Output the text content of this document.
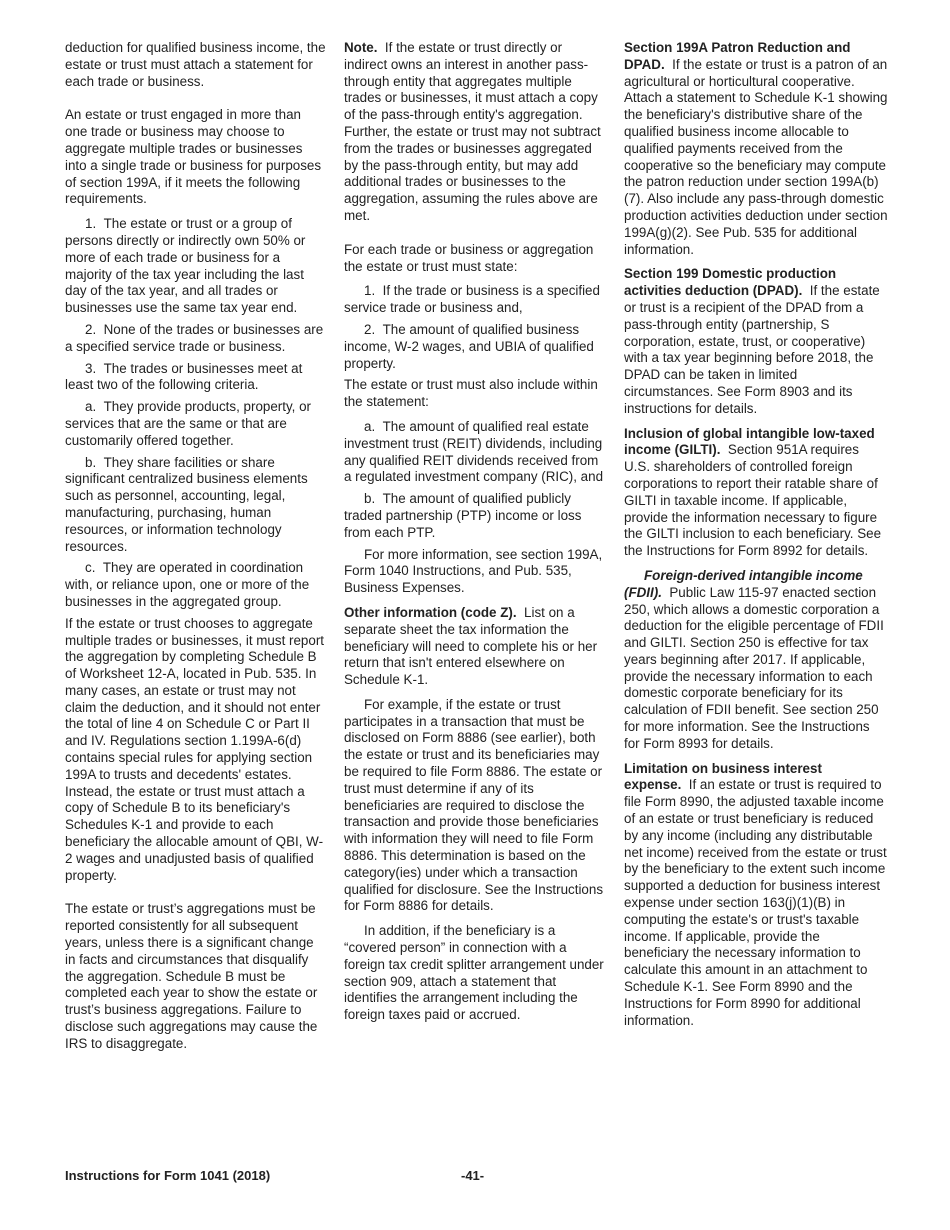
deduction for qualified business income, the estate or trust must attach a statement for each trade or business.

An estate or trust engaged in more than one trade or business may choose to aggregate multiple trades or businesses into a single trade or business for purposes of section 199A, if it meets the following requirements.

1.  The estate or trust or a group of persons directly or indirectly own 50% or more of each trade or business for a majority of the tax year including the last day of the tax year, and all trades or businesses use the same tax year end.

2.  None of the trades or businesses are a specified service trade or business.

3.  The trades or businesses meet at least two of the following criteria.

a.  They provide products, property, or services that are the same or that are customarily offered together.

b.  They share facilities or share significant centralized business elements such as personnel, accounting, legal, manufacturing, purchasing, human resources, or information technology resources.

c.  They are operated in coordination with, or reliance upon, one or more of the businesses in the aggregated group.

If the estate or trust chooses to aggregate multiple trades or businesses, it must report the aggregation by completing Schedule B of Worksheet 12-A, located in Pub. 535. In many cases, an estate or trust may not claim the deduction, and it should not enter the total of line 4 on Schedule C or Part II and IV. Regulations section 1.199A-6(d) contains special rules for applying section 199A to trusts and decedents' estates. Instead, the estate or trust must attach a copy of Schedule B to its beneficiary's Schedules K-1 and provide to each beneficiary the allocable amount of QBI, W-2 wages and unadjusted basis of qualified property.

The estate or trust’s aggregations must be reported consistently for all subsequent years, unless there is a significant change in facts and circumstances that disqualify the aggregation. Schedule B must be completed each year to show the estate or trust’s business aggregations. Failure to disclose such aggregations may cause the IRS to disaggregate.

Note.  If the estate or trust directly or indirect owns an interest in another pass-through entity that aggregates multiple trades or businesses, it must attach a copy of the pass-through entity's aggregation. Further, the estate or trust may not subtract from the trades or businesses aggregated by the pass-through entity, but may add additional trades or businesses to the aggregation, assuming the rules above are met.

For each trade or business or aggregation the estate or trust must state:

1.  If the trade or business is a specified service trade or business and,

2.  The amount of qualified business income, W-2 wages, and UBIA of qualified property.

The estate or trust must also include within the statement:

a.  The amount of qualified real estate investment trust (REIT) dividends, including any qualified REIT dividends received from a regulated investment company (RIC), and

b.  The amount of qualified publicly traded partnership (PTP) income or loss from each PTP.

For more information, see section 199A, Form 1040 Instructions, and Pub. 535, Business Expenses.

Other information (code Z).  List on a separate sheet the tax information the beneficiary will need to complete his or her return that isn't entered elsewhere on Schedule K-1.

For example, if the estate or trust participates in a transaction that must be disclosed on Form 8886 (see earlier), both the estate or trust and its beneficiaries may be required to file Form 8886. The estate or trust must determine if any of its beneficiaries are required to disclose the transaction and provide those beneficiaries with information they will need to file Form 8886. This determination is based on the category(ies) under which a transaction qualified for disclosure. See the Instructions for Form 8886 for details.

In addition, if the beneficiary is a “covered person” in connection with a foreign tax credit splitter arrangement under section 909, attach a statement that identifies the arrangement including the foreign taxes paid or accrued.

Section 199A Patron Reduction and DPAD.  If the estate or trust is a patron of an agricultural or horticultural cooperative. Attach a statement to Schedule K-1 showing the beneficiary's distributive share of the qualified business income allocable to qualified payments received from the cooperative so the beneficiary may compute the patron reduction under section 199A(b)(7). Also include any pass-through domestic production activities deduction under section 199A(g)(2). See Pub. 535 for additional information.

Section 199 Domestic production activities deduction (DPAD).  If the estate or trust is a recipient of the DPAD from a pass-through entity (partnership, S corporation, estate, trust, or cooperative) with a tax year beginning before 2018, the DPAD can be taken in limited circumstances. See Form 8903 and its instructions for details.

Inclusion of global intangible low-taxed income (GILTI).  Section 951A requires U.S. shareholders of controlled foreign corporations to report their ratable share of GILTI in taxable income. If applicable, provide the information necessary to figure the GILTI inclusion to each beneficiary. See the Instructions for Form 8992 for details.

Foreign-derived intangible income (FDII).  Public Law 115-97 enacted section 250, which allows a domestic corporation a deduction for the eligible percentage of FDII and GILTI. Section 250 is effective for tax years beginning after 2017. If applicable, provide the necessary information to each domestic corporate beneficiary for its calculation of FDII benefit. See section 250 for more information. See the Instructions for Form 8993 for details.

Limitation on business interest expense.  If an estate or trust is required to file Form 8990, the adjusted taxable income of an estate or trust beneficiary is reduced by any income (including any distributable net income) received from the estate or trust by the beneficiary to the extent such income supported a deduction for business interest expense under section 163(j)(1)(B) in computing the estate's or trust's taxable income. If applicable, provide the beneficiary the necessary information to calculate this amount in an attachment to Schedule K-1. See Form 8990 and the Instructions for Form 8990 for additional information.

Instructions for Form 1041 (2018)	-41-
